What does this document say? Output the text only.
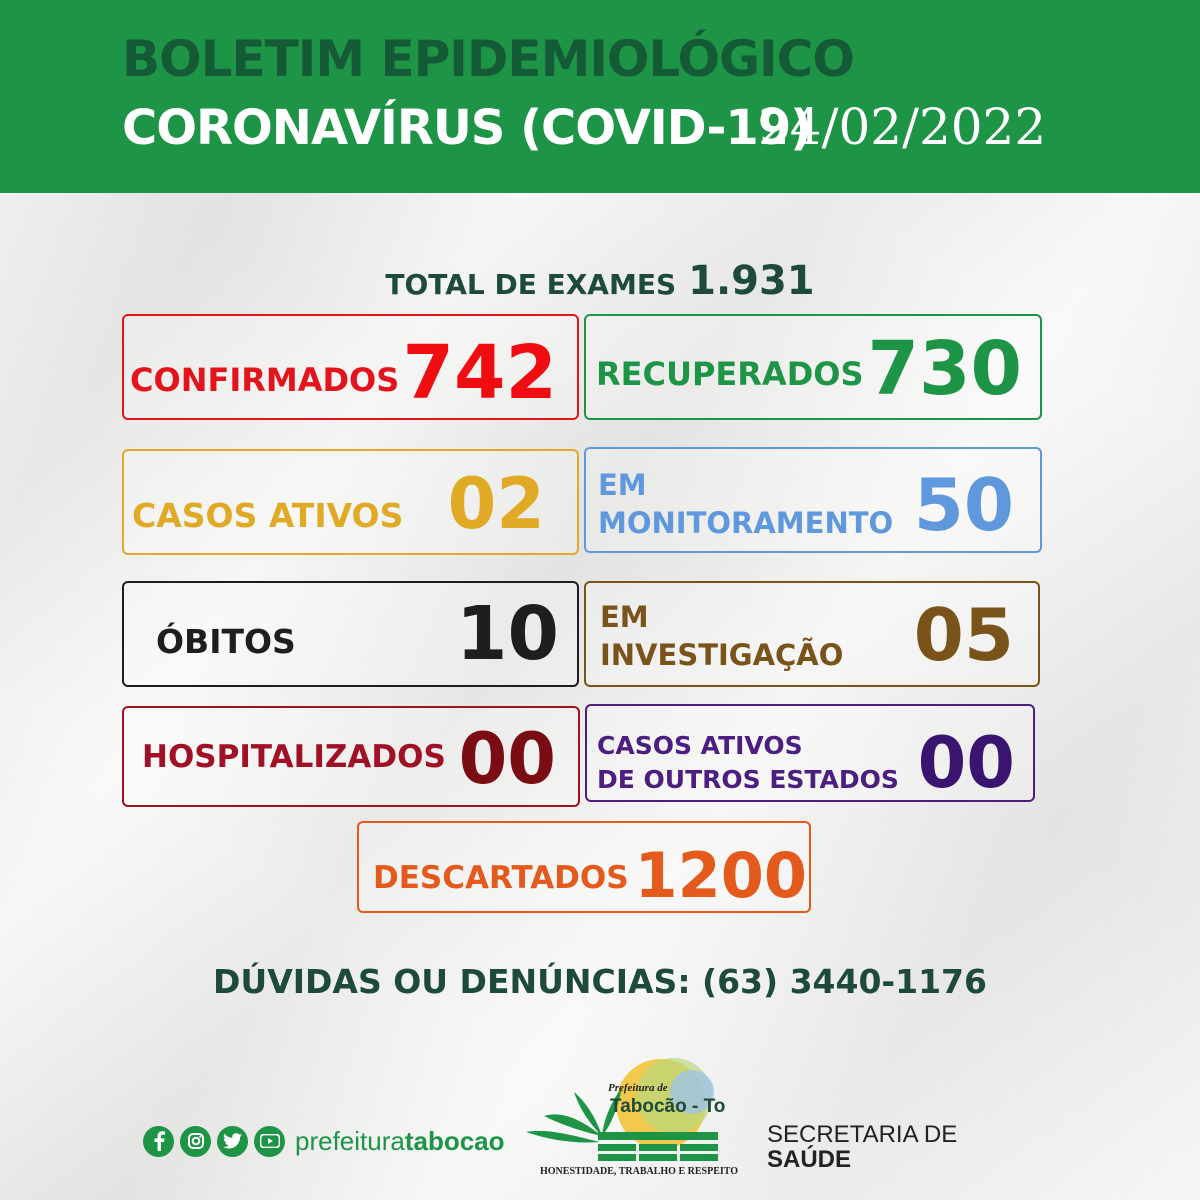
BOLETIM EPIDEMIOLÓGICO
CORONAVÍRUS (COVID-19)
24/02/2022
TOTAL DE EXAMES 1.931
CONFIRMADOS 742 RECUPERADOS 730
CASOS ATIVOS 02 EM
MONITORAMENTO 50
ÓBITOS 10 EM
INVESTIGAÇÃO 05
HOSPITALIZADOS 00 CASOS ATIVOS
DE OUTROS ESTADOS 00
DESCARTADOS 1200
DÚVIDAS OU DENÚNCIAS: (63) 3440-1176
prefeituratabocao
Prefeitura de
Tabocão - To
HONESTIDADE, TRABALHO E RESPEITO
SECRETARIA DE
SAÚDE
